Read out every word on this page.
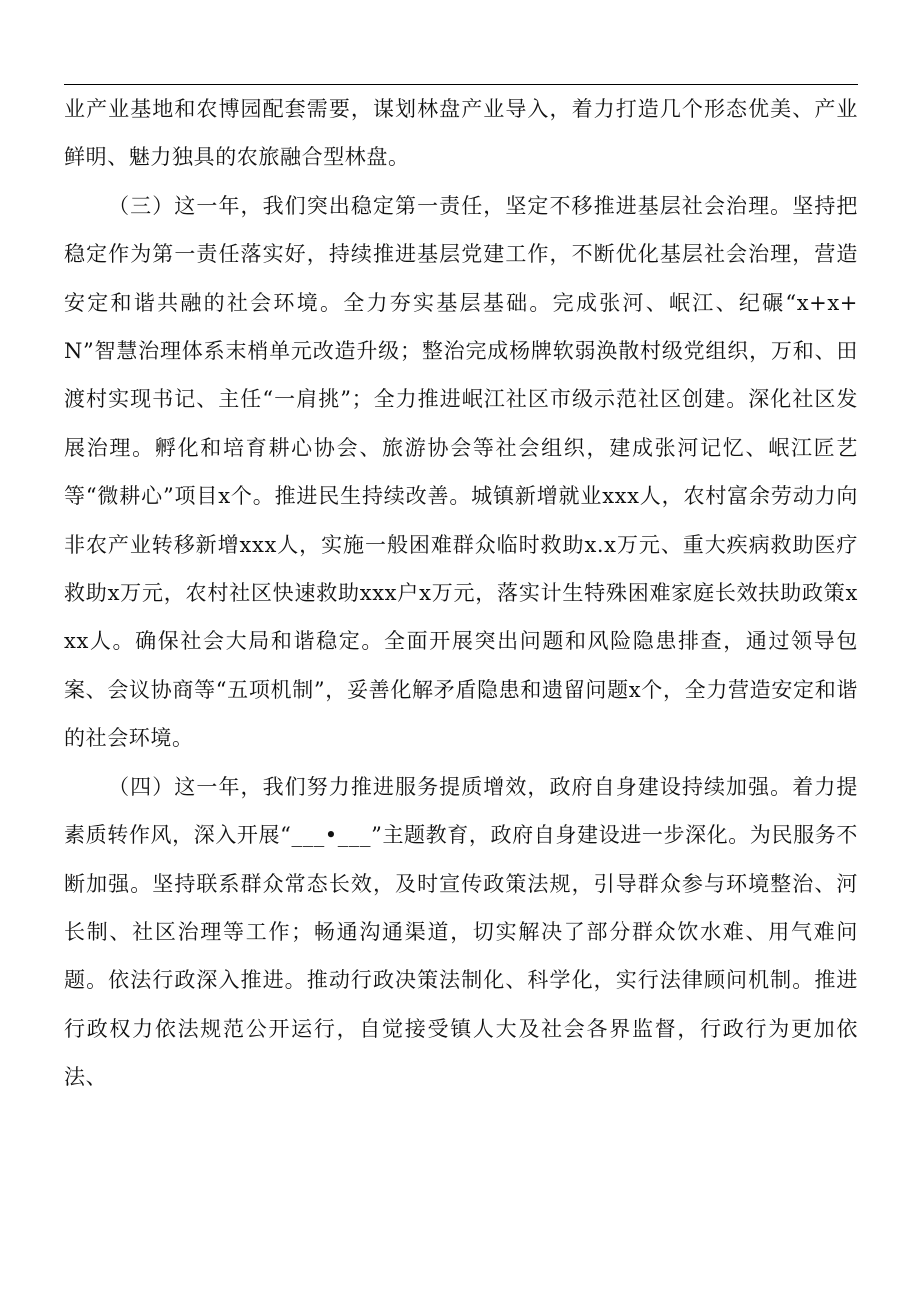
业产业基地和农博园配套需要，谋划林盘产业导入，着力打造几个形态优美、产业鲜明、魅力独具的农旅融合型林盘。

（三）这一年，我们突出稳定第一责任，坚定不移推进基层社会治理。坚持把稳定作为第一责任落实好，持续推进基层党建工作，不断优化基层社会治理，营造安定和谐共融的社会环境。全力夯实基层基础。完成张河、岷江、纪碾“x+x+N”智慧治理体系末梢单元改造升级；整治完成杨牌软弱涣散村级党组织，万和、田渡村实现书记、主任“一肩挑”；全力推进岷江社区市级示范社区创建。深化社区发展治理。孵化和培育耕心协会、旅游协会等社会组织，建成张河记忆、岷江匠艺等“微耕心”项目x个。推进民生持续改善。城镇新增就业xxx人，农村富余劳动力向非农产业转移新增xxx人，实施一般困难群众临时救助x.x万元、重大疾病救助医疗救助x万元，农村社区快速救助xxx户x万元，落实计生特殊困难家庭长效扶助政策xxx人。确保社会大局和谐稳定。全面开展突出问题和风险隐患排查，通过领导包案、会议协商等“五项机制”，妥善化解矛盾隐患和遗留问题x个，全力营造安定和谐的社会环境。

（四）这一年，我们努力推进服务提质增效，政府自身建设持续加强。着力提素质转作风，深入开展“___•___”主题教育，政府自身建设进一步深化。为民服务不断加强。坚持联系群众常态长效，及时宣传政策法规，引导群众参与环境整治、河长制、社区治理等工作；畅通沟通渠道，切实解决了部分群众饮水难、用气难问题。依法行政深入推进。推动行政决策法制化、科学化，实行法律顾问机制。推进行政权力依法规范公开运行，自觉接受镇人大及社会各界监督，行政行为更加依法、
